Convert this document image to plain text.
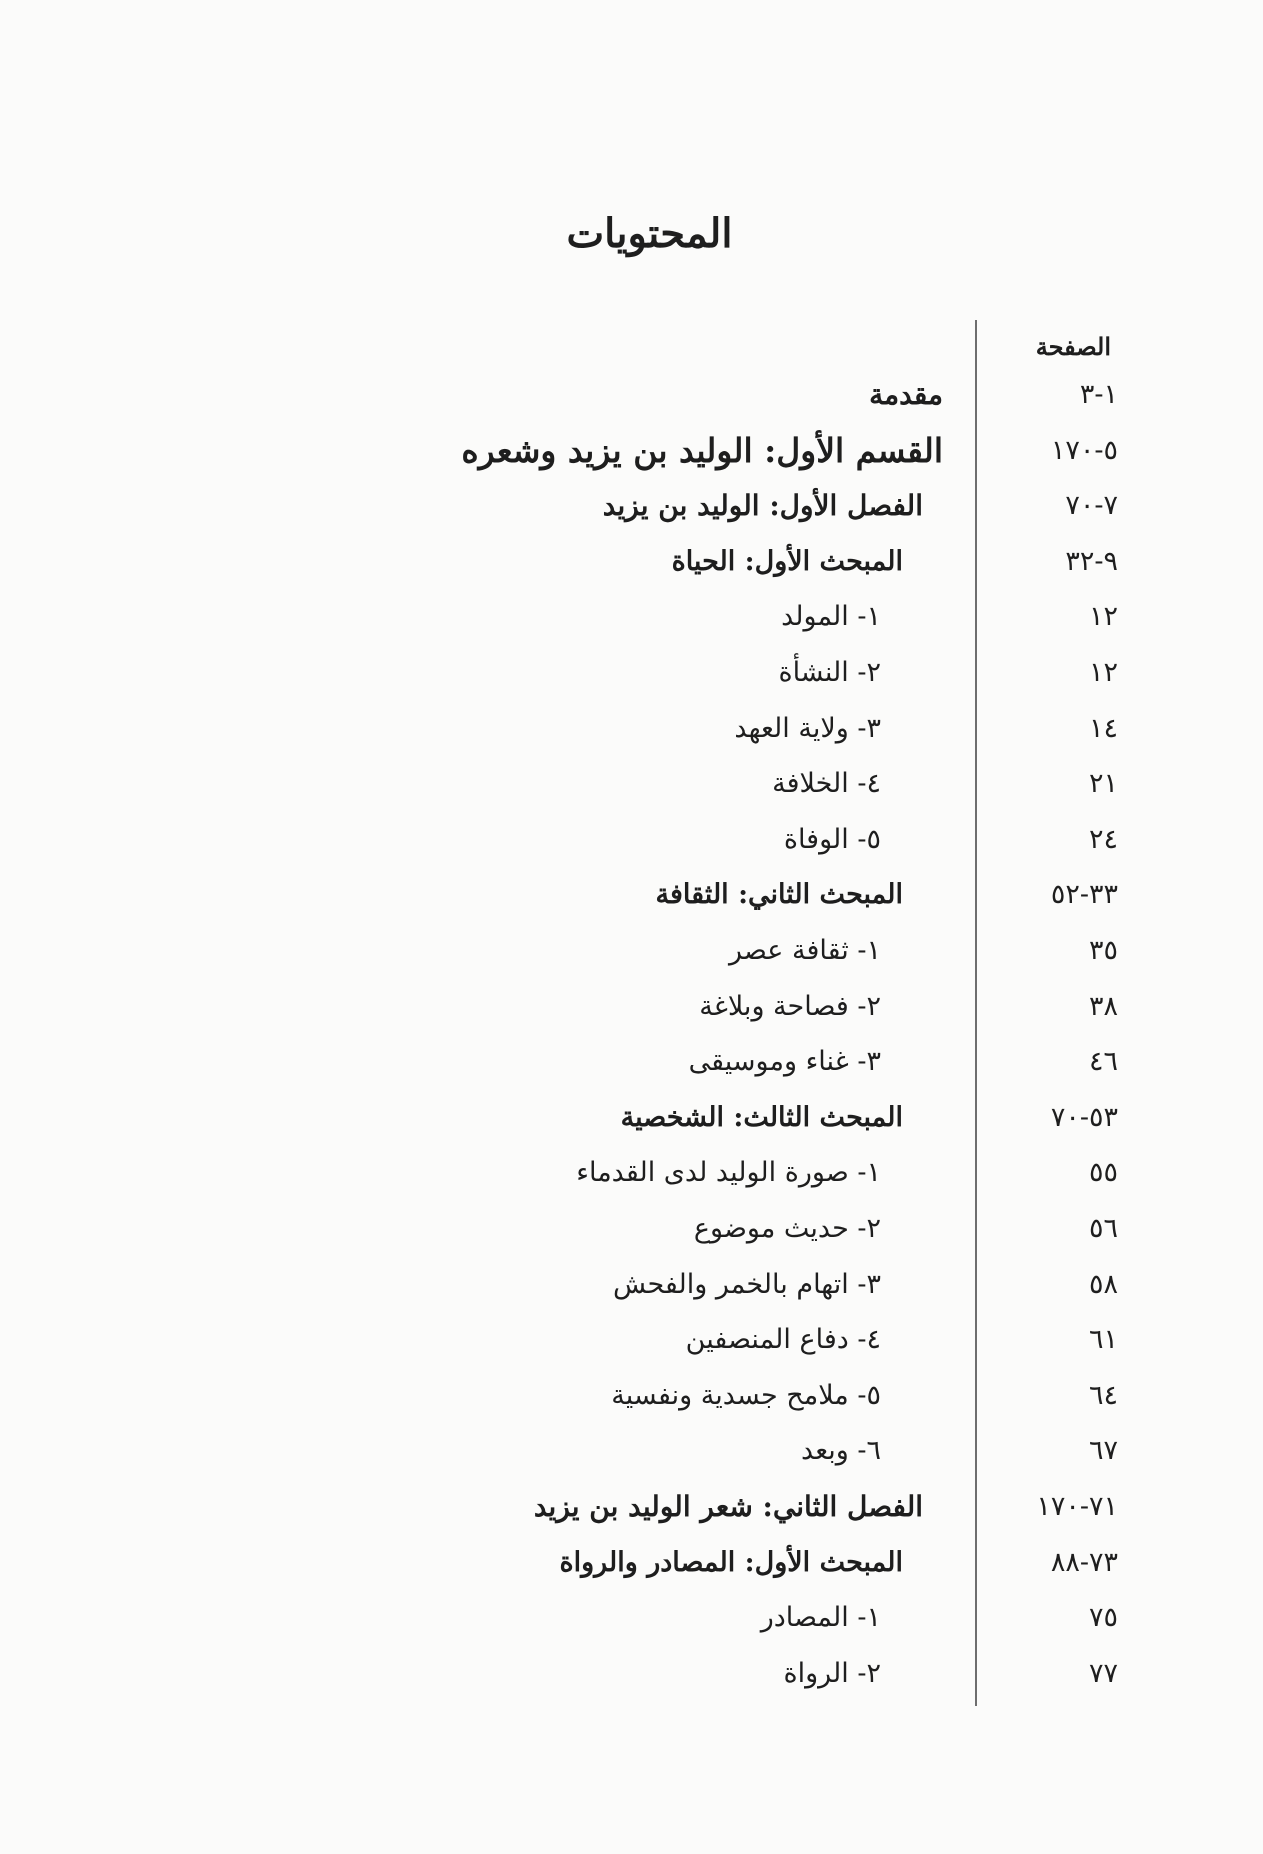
المحتويات
الصفحة
مقدمة	١-٣
القسم الأول: الوليد بن يزيد وشعره	٥-١٧٠
الفصل الأول: الوليد بن يزيد	٧-٧٠
المبحث الأول: الحياة	٩-٣٢
١- المولد	١٢
٢- النشأة	١٢
٣- ولاية العهد	١٤
٤- الخلافة	٢١
٥- الوفاة	٢٤
المبحث الثاني: الثقافة	٣٣-٥٢
١- ثقافة عصر	٣٥
٢- فصاحة وبلاغة	٣٨
٣- غناء وموسيقى	٤٦
المبحث الثالث: الشخصية	٥٣-٧٠
١- صورة الوليد لدى القدماء	٥٥
٢- حديث موضوع	٥٦
٣- اتهام بالخمر والفحش	٥٨
٤- دفاع المنصفين	٦١
٥- ملامح جسدية ونفسية	٦٤
٦- وبعد	٦٧
الفصل الثاني: شعر الوليد بن يزيد	٧١-١٧٠
المبحث الأول: المصادر والرواة	٧٣-٨٨
١- المصادر	٧٥
٢- الرواة	٧٧
